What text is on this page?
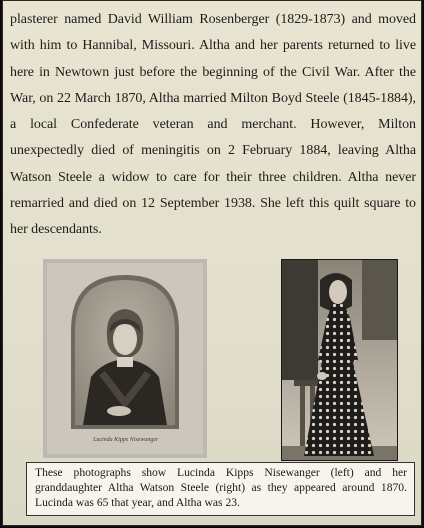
plasterer named David William Rosenberger (1829-1873) and moved with him to Hannibal, Missouri. Altha and her parents returned to live here in Newtown just before the beginning of the Civil War. After the War, on 22 March 1870, Altha married Milton Boyd Steele (1845-1884), a local Confederate veteran and merchant. However, Milton unexpectedly died of meningitis on 2 February 1884, leaving Altha Watson Steele a widow to care for their three children. Altha never remarried and died on 12 September 1938. She left this quilt square to her descendants.

Lucinda Kipps Nisewanger
These photographs show Lucinda Kipps Nisewanger (left) and her granddaughter Altha Watson Steele (right) as they appeared around 1870. Lucinda was 65 that year, and Altha was 23.
